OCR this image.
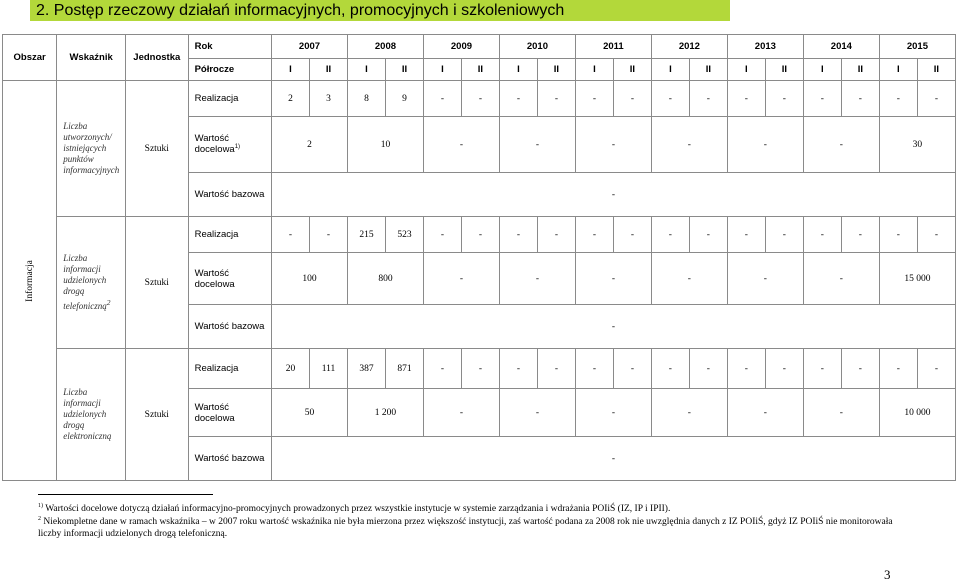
2. Postęp rzeczowy działań informacyjnych, promocyjnych i szkoleniowych
Obszar	Wskaźnik	Jednostka	Rok	2007		2008		2009		2010		2011		2012		2013		2014		2015	
			Półrocze	I	II	I	II	I	II	I	II	I	II	I	II	I	II	I	II	I	II
Informacja	Liczba utworzonych/ istniejących punktów informacyjnych	Sztuki	Realizacja	2	3	8	9	-	-	-	-	-	-	-	-	-	-	-	-	-	-
			Wartość docelowa$^{1)}$	2		10		-		-		-		-		-		-		30	
			Wartość bazowa	-																	
	Liczba informacji udzielonych drogą telefoniczną$^2$	Sztuki	Realizacja	-	-	215	523	-	-	-	-	-	-	-	-	-	-	-	-	-	-
			Wartość docelowa	100		800		-		-		-		-		-		-		15 000	
			Wartość bazowa	-																	
	Liczba informacji udzielonych drogą elektroniczną	Sztuki	Realizacja	20	111	387	871	-	-	-	-	-	-	-	-	-	-	-	-	-	-
			Wartość docelowa	50		1 200		-		-		-		-		-		-		10 000	
			Wartość bazowa	-																	
$^{1)}$ Wartości docelowe dotyczą działań informacyjno-promocyjnych prowadzonych przez wszystkie instytucje w systemie zarządzania i wdrażania POIiŚ (IZ, IP i IPII).
$^2$ Niekompletne dane w ramach wskaźnika – w 2007 roku wartość wskaźnika nie była mierzona przez większość instytucji, zaś wartość podana za 2008 rok nie uwzględnia danych z IZ POIiŚ, gdyż IZ POIiŚ nie monitorowała liczby informacji udzielonych drogą telefoniczną.
3
